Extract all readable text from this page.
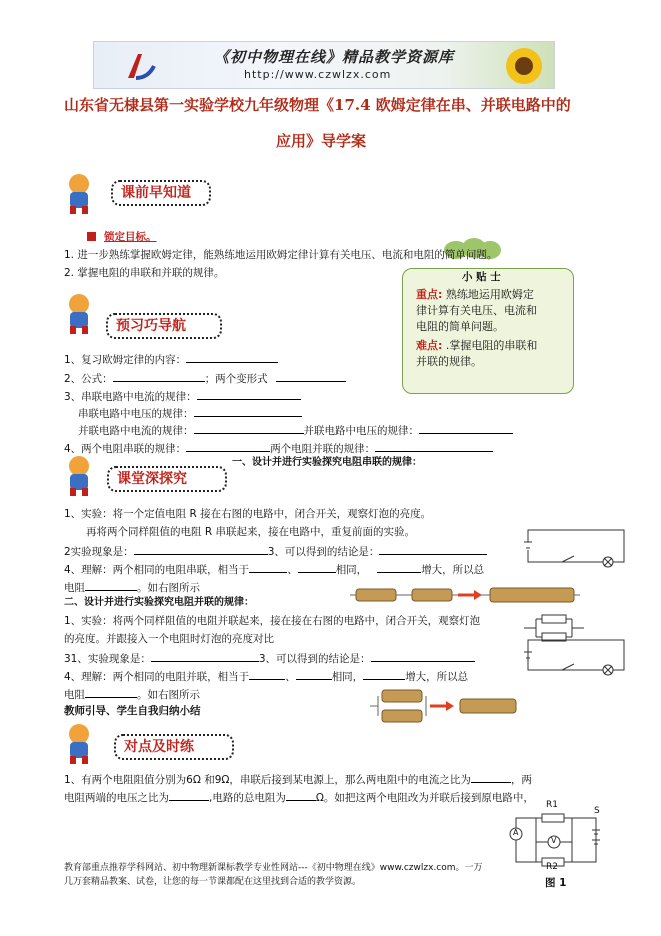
《初中物理在线》精品教学资源库
http://www.czwlzx.com
山东省无棣县第一实验学校九年级物理《17.4 欧姆定律在串、并联电路中的
应用》导学案
课前早知道
锁定目标。
1. 进一步熟练掌握欧姆定律，能熟练地运用欧姆定律计算有关电压、电流和电阻的简单问题。
2. 掌握电阻的串联和并联的规律。	小 贴 士
重点: 熟练地运用欧姆定
律计算有关电压、电流和
电阻的简单问题。
难点: .掌握电阻的串联和
并联的规律。
预习巧导航
1、复习欧姆定律的内容：
2、公式：	；两个变形式
3、串联电路中电流的规律：
串联电路中电压的规律：
并联电路中电流的规律：	并联电路中电压的规律：
4、两个电阻串联的规律：	两个电阻并联的规律：
课堂深探究
一、设计并进行实验探究电阻串联的规律：
1、实验：将一个定值电阻 R 接在右图的电路中，闭合开关，观察灯泡的亮度。
再将两个同样阻值的电阻 R 串联起来，接在电路中，重复前面的实验。
2实验现象是：	3、可以得到的结论是：
4、理解：两个相同的电阻串联，相当于	、	相同，	增大，所以总
电阻	。如右图所示
二、设计并进行实验探究电阻并联的规律：
1、实验：将两个同样阻值的电阻并联起来，接在接在右图的电路中，闭合开关，观察灯泡
的亮度。并跟接入一个电阻时灯泡的亮度对比
31、实验现象是：	3、可以得到的结论是：
4、理解：两个相同的电阻并联，相当于	、	相同，	增大，所以总
电阻	。如右图所示
教师引导、学生自我归纳小结
对点及时练
1、有两个电阻阻值分别为6Ω 和9Ω，串联后接到某电源上，那么两电阻中的电流之比为	，两
电阻两端的电压之比为	,电路的总电阻为	Ω。如把这两个电阻改为并联后接到原电路中，
R1
A
V
S
R2
图 1
教育部重点推荐学科网站、初中物理新课标教学专业性网站---《初中物理在线》www.czwlzx.com。一万
几万套精品教案、试卷，让您的每一节课都配在这里找到合适的教学资源。
